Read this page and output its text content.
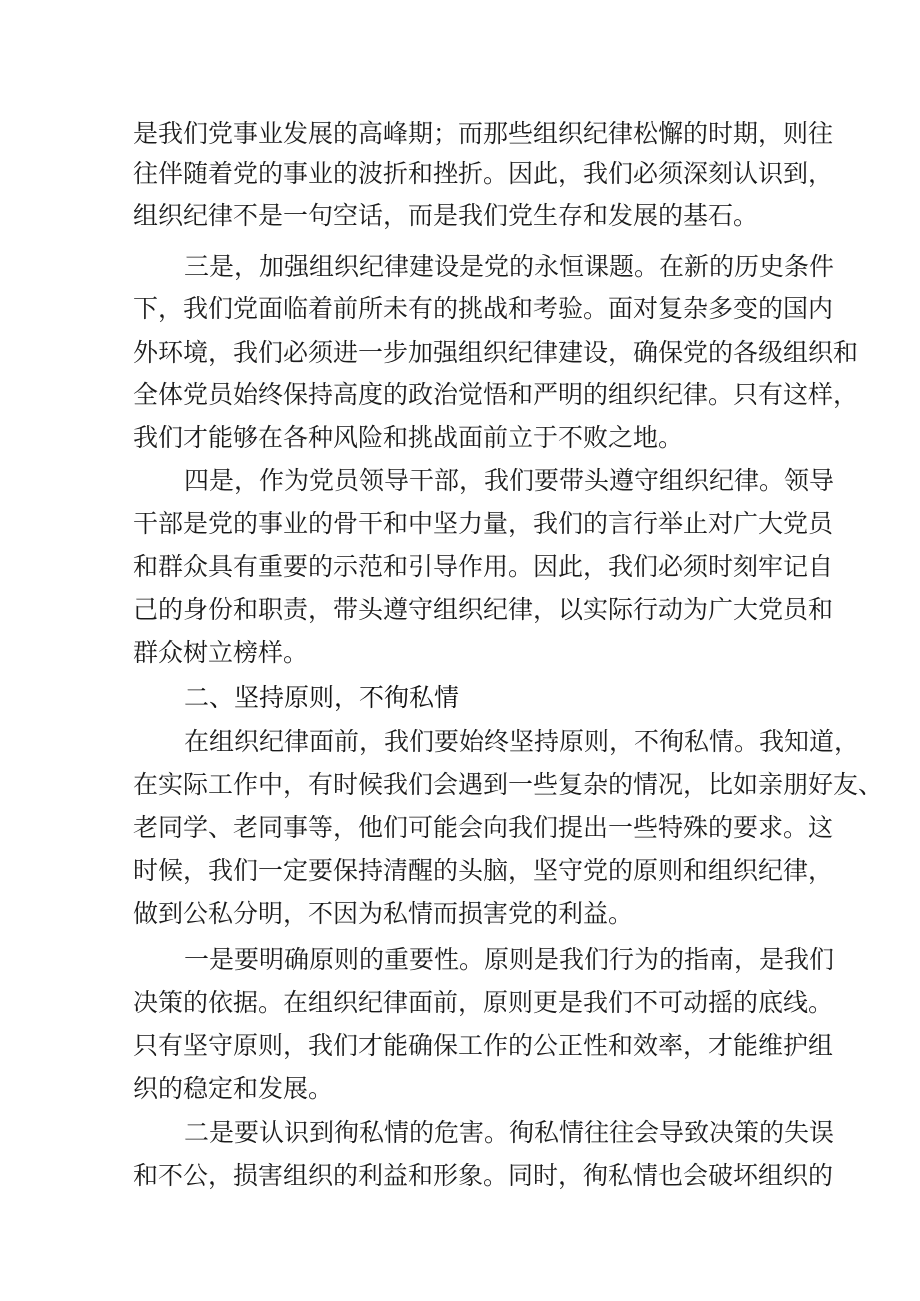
是我们党事业发展的高峰期；而那些组织纪律松懈的时期，则往
往伴随着党的事业的波折和挫折。因此，我们必须深刻认识到，
组织纪律不是一句空话，而是我们党生存和发展的基石。
三是，加强组织纪律建设是党的永恒课题。在新的历史条件
下，我们党面临着前所未有的挑战和考验。面对复杂多变的国内
外环境，我们必须进一步加强组织纪律建设，确保党的各级组织和
全体党员始终保持高度的政治觉悟和严明的组织纪律。只有这样，
我们才能够在各种风险和挑战面前立于不败之地。
四是，作为党员领导干部，我们要带头遵守组织纪律。领导
干部是党的事业的骨干和中坚力量，我们的言行举止对广大党员
和群众具有重要的示范和引导作用。因此，我们必须时刻牢记自
己的身份和职责，带头遵守组织纪律，以实际行动为广大党员和
群众树立榜样。
二、坚持原则，不徇私情
在组织纪律面前，我们要始终坚持原则，不徇私情。我知道，
在实际工作中，有时候我们会遇到一些复杂的情况，比如亲朋好友、
老同学、老同事等，他们可能会向我们提出一些特殊的要求。这
时候，我们一定要保持清醒的头脑，坚守党的原则和组织纪律，
做到公私分明，不因为私情而损害党的利益。
一是要明确原则的重要性。原则是我们行为的指南，是我们
决策的依据。在组织纪律面前，原则更是我们不可动摇的底线。
只有坚守原则，我们才能确保工作的公正性和效率，才能维护组
织的稳定和发展。
二是要认识到徇私情的危害。徇私情往往会导致决策的失误
和不公，损害组织的利益和形象。同时，徇私情也会破坏组织的
